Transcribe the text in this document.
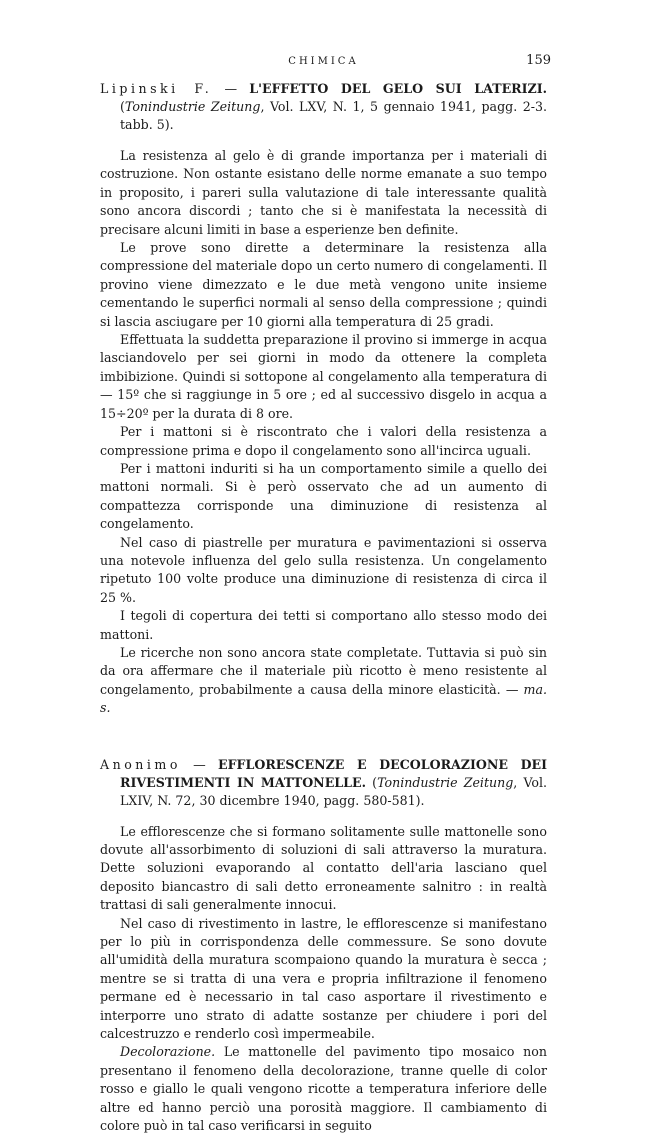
CHIMICA	159

Lipinski F. — L'EFFETTO DEL GELO SUI LATERIZI. (Tonindustrie Zeitung, Vol. LXV, N. 1, 5 gennaio 1941, pagg. 2-3. tabb. 5).

La resistenza al gelo è di grande importanza per i materiali di costruzione. Non ostante esistano delle norme emanate a suo tempo in proposito, i pareri sulla valutazione di tale interessante qualità sono ancora discordi ; tanto che si è manifestata la necessità di precisare alcuni limiti in base a esperienze ben definite.

Le prove sono dirette a determinare la resistenza alla compressione del materiale dopo un certo numero di congelamenti. Il provino viene dimezzato e le due metà vengono unite insieme cementando le superfici normali al senso della compressione ; quindi si lascia asciugare per 10 giorni alla temperatura di 25 gradi.

Effettuata la suddetta preparazione il provino si immerge in acqua lasciandovelo per sei giorni in modo da ottenere la completa imbibizione. Quindi si sottopone al congelamento alla temperatura di — 15º che si raggiunge in 5 ore ; ed al successivo disgelo in acqua a 15÷20º per la durata di 8 ore.

Per i mattoni si è riscontrato che i valori della resistenza a compressione prima e dopo il congelamento sono all'incirca uguali.

Per i mattoni induriti si ha un comportamento simile a quello dei mattoni normali. Si è però osservato che ad un aumento di compattezza corrisponde una diminuzione di resistenza al congelamento.

Nel caso di piastrelle per muratura e pavimentazioni si osserva una notevole influenza del gelo sulla resistenza. Un congelamento ripetuto 100 volte produce una diminuzione di resistenza di circa il 25 %.

I tegoli di copertura dei tetti si comportano allo stesso modo dei mattoni.

Le ricerche non sono ancora state completate. Tuttavia si può sin da ora affermare che il materiale più ricotto è meno resistente al congelamento, probabilmente a causa della minore elasticità. — ma. s.

Anonimo — EFFLORESCENZE E DECOLORAZIONE DEI RIVESTIMENTI IN MATTONELLE. (Tonindustrie Zeitung, Vol. LXIV, N. 72, 30 dicembre 1940, pagg. 580-581).

Le efflorescenze che si formano solitamente sulle mattonelle sono dovute all'assorbimento di soluzioni di sali attraverso la muratura. Dette soluzioni evaporando al contatto dell'aria lasciano quel deposito biancastro di sali detto erroneamente salnitro : in realtà trattasi di sali generalmente innocui.

Nel caso di rivestimento in lastre, le efflorescenze si manifestano per lo più in corrispondenza delle commessure. Se sono dovute all'umidità della muratura scompaiono quando la muratura è secca ; mentre se si tratta di una vera e propria infiltrazione il fenomeno permane ed è necessario in tal caso asportare il rivestimento e interporre uno strato di adatte sostanze per chiudere i pori del calcestruzzo e renderlo così impermeabile.

Decolorazione. Le mattonelle del pavimento tipo mosaico non presentano il fenomeno della decolorazione, tranne quelle di color rosso e giallo le quali vengono ricotte a temperatura inferiore delle altre ed hanno perciò una porosità maggiore. Il cambiamento di colore può in tal caso verificarsi in seguito
